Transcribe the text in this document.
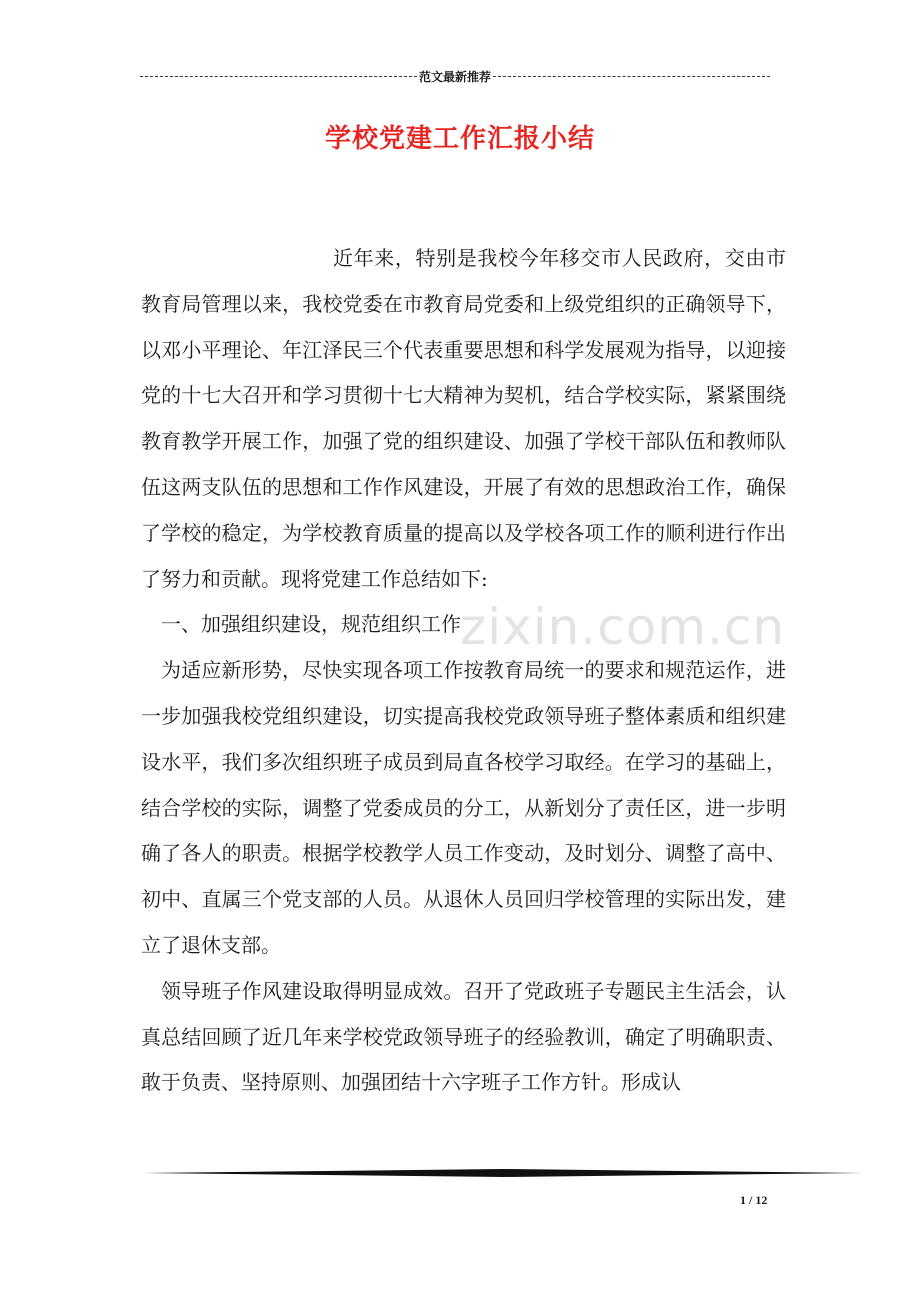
范文最新推荐
学校党建工作汇报小结
zixin.com.cn

近年来，特别是我校今年移交市人民政府，交由市教育局管理以来，我校党委在市教育局党委和上级党组织的正确领导下，以邓小平理论、年江泽民三个代表重要思想和科学发展观为指导，以迎接党的十七大召开和学习贯彻十七大精神为契机，结合学校实际，紧紧围绕教育教学开展工作，加强了党的组织建设、加强了学校干部队伍和教师队伍这两支队伍的思想和工作作风建设，开展了有效的思想政治工作，确保了学校的稳定，为学校教育质量的提高以及学校各项工作的顺利进行作出了努力和贡献。现将党建工作总结如下:

一、加强组织建设，规范组织工作

为适应新形势，尽快实现各项工作按教育局统一的要求和规范运作，进一步加强我校党组织建设，切实提高我校党政领导班子整体素质和组织建设水平，我们多次组织班子成员到局直各校学习取经。在学习的基础上，结合学校的实际，调整了党委成员的分工，从新划分了责任区，进一步明确了各人的职责。根据学校教学人员工作变动，及时划分、调整了高中、初中、直属三个党支部的人员。从退休人员回归学校管理的实际出发，建立了退休支部。

领导班子作风建设取得明显成效。召开了党政班子专题民主生活会，认真总结回顾了近几年来学校党政领导班子的经验教训，确定了明确职责、敢于负责、坚持原则、加强团结十六字班子工作方针。形成认

1 / 12
